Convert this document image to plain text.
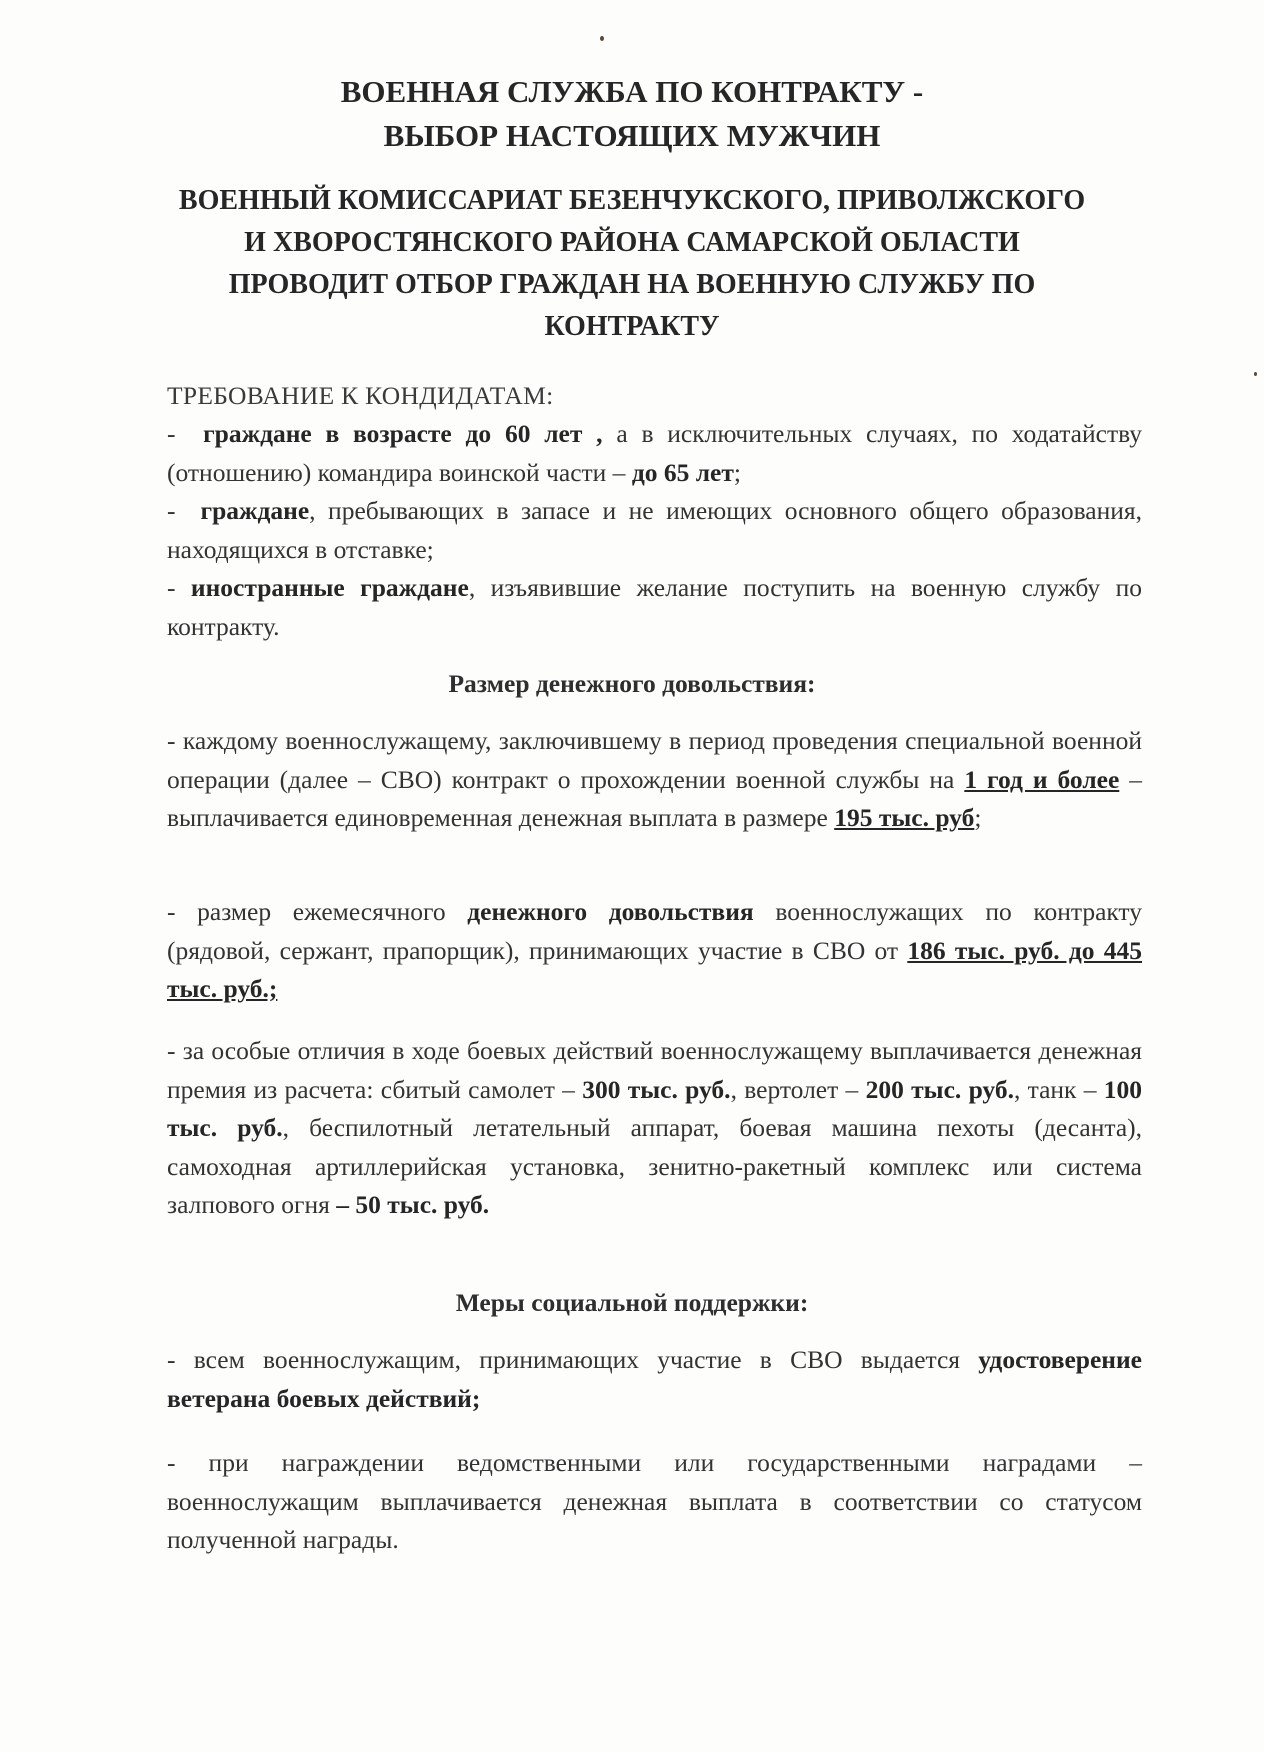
ВОЕННАЯ СЛУЖБА ПО КОНТРАКТУ -
ВЫБОР НАСТОЯЩИХ МУЖЧИН
ВОЕННЫЙ КОМИССАРИАТ БЕЗЕНЧУКСКОГО, ПРИВОЛЖСКОГО
И ХВОРОСТЯНСКОГО РАЙОНА САМАРСКОЙ ОБЛАСТИ
ПРОВОДИТ ОТБОР ГРАЖДАН НА ВОЕННУЮ СЛУЖБУ ПО
КОНТРАКТУ
ТРЕБОВАНИЕ К КОНДИДАТАМ:

-  граждане в возрасте до 60 лет , а в исключительных случаях, по ходатайству (отношению) командира воинской части – до 65 лет;

-  граждане, пребывающих в запасе и не имеющих основного общего образования, находящихся в отставке;

- иностранные граждане, изъявившие желание поступить на военную службу по контракту.

Размер денежного довольствия:

- каждому военнослужащему, заключившему в период проведения специальной военной операции (далее – СВО) контракт о прохождении военной службы на 1 год и более – выплачивается единовременная денежная выплата в размере 195 тыс. руб;

- размер ежемесячного денежного довольствия военнослужащих по контракту (рядовой, сержант, прапорщик), принимающих участие в СВО от 186 тыс. руб. до 445 тыс. руб.;

- за особые отличия в ходе боевых действий военнослужащему выплачивается денежная премия из расчета: сбитый самолет – 300 тыс. руб., вертолет – 200 тыс. руб., танк – 100 тыс. руб., беспилотный летательный аппарат, боевая машина пехоты (десанта), самоходная артиллерийская установка, зенитно-ракетный комплекс или система залпового огня – 50 тыс. руб.

Меры социальной поддержки:

- всем военнослужащим, принимающих участие в СВО выдается удостоверение ветерана боевых действий;

- при награждении ведомственными или государственными наградами – военнослужащим выплачивается денежная выплата в соответствии со статусом полученной награды.
